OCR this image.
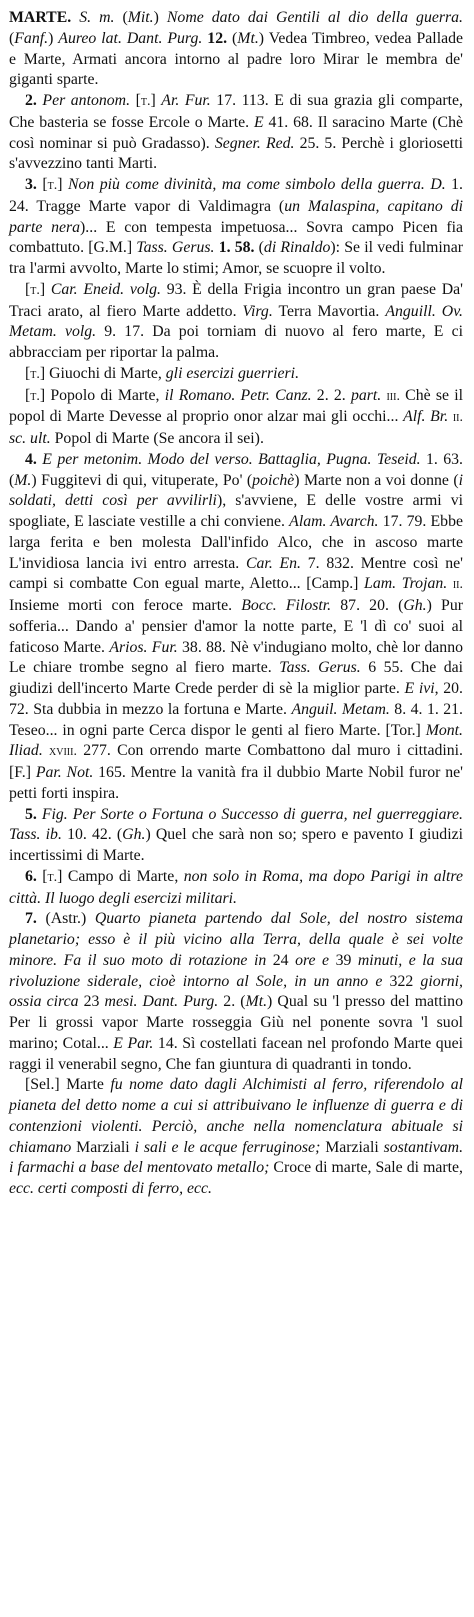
MARTE. S. m. (Mit.) Nome dato dai Gentili al dio della guerra. (Fanf.) Aureo lat. Dant. Purg. 12. (Mt.) Vedea Timbreo, vedea Pallade e Marte, Armati ancora intorno al padre loro Mirar le membra de' giganti sparte.

2. Per antonom. [t.] Ar. Fur. 17. 113. E di sua grazia gli comparte, Che basteria se fosse Ercole o Marte. E 41. 68. Il saracino Marte (Chè così nominar si può Gradasso). Segner. Red. 25. 5. Perchè i gloriosetti s'avvezzino tanti Marti.

3. [t.] Non più come divinità, ma come simbolo della guerra. D. 1. 24. Tragge Marte vapor di Valdimagra (un Malaspina, capitano di parte nera)... E con tempesta impetuosa... Sovra campo Picen fia combattuto. [G.M.] Tass. Gerus. 1. 58. (di Rinaldo): Se il vedi fulminar tra l'armi avvolto, Marte lo stimi; Amor, se scuopre il volto.

[t.] Car. Eneid. volg. 93. È della Frigia incontro un gran paese Da' Traci arato, al fiero Marte addetto. Virg. Terra Mavortia. Anguill. Ov. Metam. volg. 9. 17. Da poi torniam di nuovo al fero marte, E ci abbracciam per riportar la palma.

[t.] Giuochi di Marte, gli esercizi guerrieri.

[t.] Popolo di Marte, il Romano. Petr. Canz. 2. 2. part. iii. Chè se il popol di Marte Devesse al proprio onor alzar mai gli occhi... Alf. Br. ii. sc. ult. Popol di Marte (Se ancora il sei).

4. E per metonim. Modo del verso. Battaglia, Pugna. Teseid. 1. 63. (M.) Fuggitevi di qui, vituperate, Po' (poichè) Marte non a voi donne (i soldati, detti così per avvilirli), s'avviene, E delle vostre armi vi spogliate, E lasciate vestille a chi conviene. Alam. Avarch. 17. 79. Ebbe larga ferita e ben molesta Dall'infido Alco, che in ascoso marte L'invidiosa lancia ivi entro arresta. Car. En. 7. 832. Mentre così ne' campi si combatte Con egual marte, Aletto... [Camp.] Lam. Trojan. ii. Insieme morti con feroce marte. Bocc. Filostr. 87. 20. (Gh.) Pur sofferia... Dando a' pensier d'amor la notte parte, E 'l dì co' suoi al faticoso Marte. Arios. Fur. 38. 88. Nè v'indugiano molto, chè lor danno Le chiare trombe segno al fiero marte. Tass. Gerus. 6 55. Che dai giudizi dell'incerto Marte Crede perder di sè la miglior parte. E ivi, 20. 72. Sta dubbia in mezzo la fortuna e Marte. Anguil. Metam. 8. 4. 1. 21. Teseo... in ogni parte Cerca dispor le genti al fiero Marte. [Tor.] Mont. Iliad. xviii. 277. Con orrendo marte Combattono dal muro i cittadini. [F.] Par. Not. 165. Mentre la vanità fra il dubbio Marte Nobil furor ne' petti forti inspira.

5. Fig. Per Sorte o Fortuna o Successo di guerra, nel guerreggiare. Tass. ib. 10. 42. (Gh.) Quel che sarà non so; spero e pavento I giudizi incertissimi di Marte.

6. [t.] Campo di Marte, non solo in Roma, ma dopo Parigi in altre città. Il luogo degli esercizi militari.

7. (Astr.) Quarto pianeta partendo dal Sole, del nostro sistema planetario; esso è il più vicino alla Terra, della quale è sei volte minore. Fa il suo moto di rotazione in 24 ore e 39 minuti, e la sua rivoluzione siderale, cioè intorno al Sole, in un anno e 322 giorni, ossia circa 23 mesi. Dant. Purg. 2. (Mt.) Qual su 'l presso del mattino Per li grossi vapor Marte rosseggia Giù nel ponente sovra 'l suol marino; Cotal... E Par. 14. Sì costellati facean nel profondo Marte quei raggi il venerabil segno, Che fan giuntura di quadranti in tondo.

[Sel.] Marte fu nome dato dagli Alchimisti al ferro, riferendolo al pianeta del detto nome a cui si attribuivano le influenze di guerra e di contenzioni violenti. Perciò, anche nella nomenclatura abituale si chiamano Marziali i sali e le acque ferruginose; Marziali sostantivam. i farmachi a base del mentovato metallo; Croce di marte, Sale di marte, ecc. certi composti di ferro, ecc.
